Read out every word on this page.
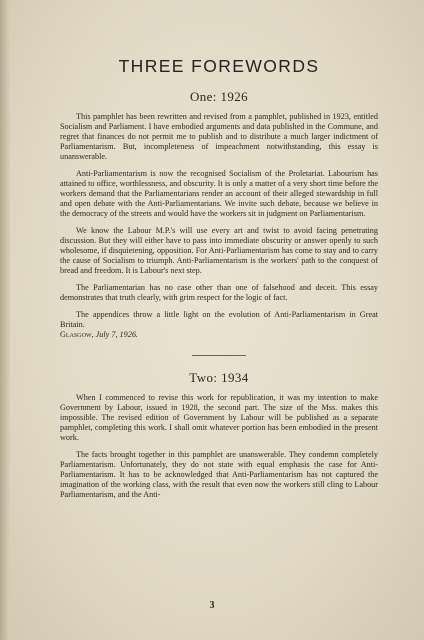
THREE FOREWORDS
One: 1926

This pamphlet has been rewritten and revised from a pamphlet, published in 1923, entitled Socialism and Parliament. I have embodied arguments and data published in the Commune, and regret that finances do not permit me to publish and to distribute a much larger indictment of Parliamentarism. But, incompleteness of impeachment notwithstanding, this essay is unanswerable.

Anti-Parliamentarism is now the recognised Socialism of the Proletariat. Labourism has attained to office, worthlessness, and obscurity. It is only a matter of a very short time before the workers demand that the Parliamentarians render an account of their alleged stewardship in full and open debate with the Anti-Parliamentarians. We invite such debate, because we believe in the democracy of the streets and would have the workers sit in judgment on Parliamentarism.

We know the Labour M.P.'s will use every art and twist to avoid facing penetrating discussion. But they will either have to pass into immediate obscurity or answer openly to such wholesome, if disquietening, opposition. For Anti-Parliamentarism has come to stay and to carry the cause of Socialism to triumph. Anti-Parliamentarism is the workers' path to the conquest of bread and freedom. It is Labour's next step.

The Parliamentarian has no case other than one of falsehood and deceit. This essay demonstrates that truth clearly, with grim respect for the logic of fact.

The appendices throw a little light on the evolution of Anti-Parliamentarism in Great Britain.

Glasgow, July 7, 1926.

Two: 1934

When I commenced to revise this work for republication, it was my intention to make Government by Labour, issued in 1928, the second part. The size of the Mss. makes this impossible. The revised edition of Government by Labour will be published as a separate pamphlet, completing this work. I shall omit whatever portion has been embodied in the present work.

The facts brought together in this pamphlet are unanswerable. They condemn completely Parliamentarism. Unfortunately, they do not state with equal emphasis the case for Anti-Parliamentarism. It has to be acknowledged that Anti-Parliamentarism has not captured the imagination of the working class, with the result that even now the workers still cling to Labour Parliamentarism, and the Anti-

3
